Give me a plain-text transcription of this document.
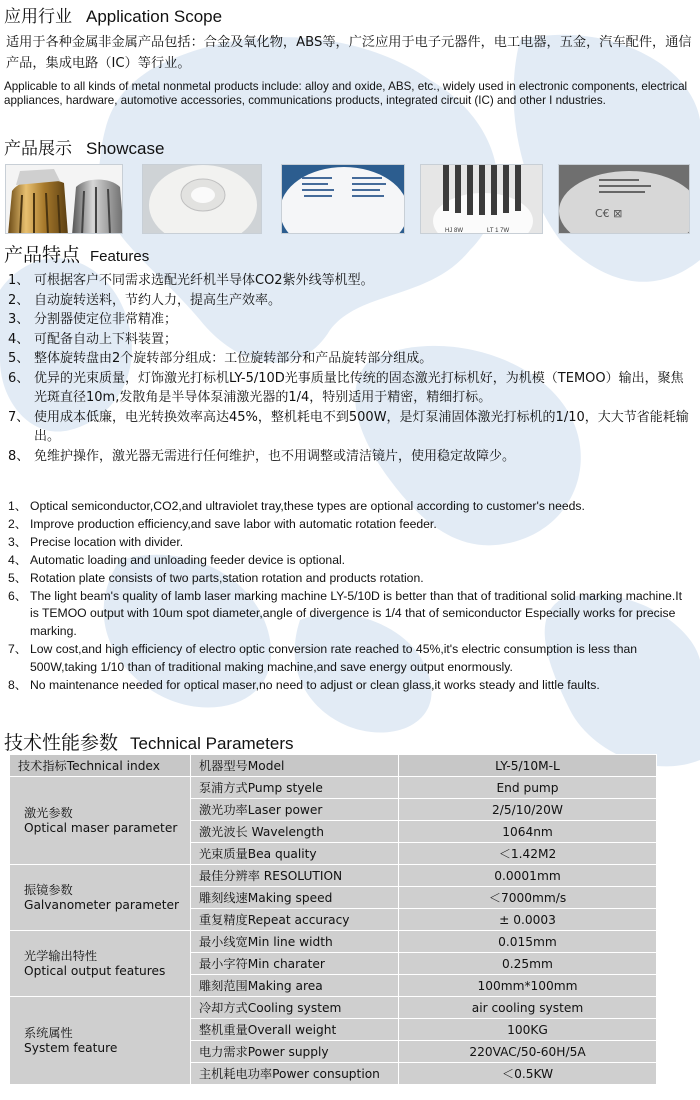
应用行业 Application Scope
适用于各种金属非金属产品包括：合金及氧化物，ABS等，广泛应用于电子元器件，电工电器，五金，汽车配件，通信产品，集成电路（IC）等行业。
Applicable to all kinds of metal nonmetal products include: alloy and oxide, ABS, etc., widely used in electronic components, electrical appliances, hardware, automotive accessories, communications products, integrated circuit (IC) and other I ndustries.
产品展示 Showcase
HJ 8W	LT 1 7W
C€ ⊠
产品特点 Features
1、 可根据客户不同需求选配光纤机半导体CO2紫外线等机型。
2、 自动旋转送料，节约人力，提高生产效率。
3、 分割器使定位非常精准；
4、 可配备自动上下料装置；
5、 整体旋转盘由2个旋转部分组成：工位旋转部分和产品旋转部分组成。
6、 优异的光束质量，灯饰激光打标机LY-5/10D光事质量比传统的固态激光打标机好，为机模（TEMOO）输出，聚焦光斑直径10m,发散角是半导体泵浦激光器的1/4，特别适用于精密，精细打标。
7、 使用成本低廉，电光转换效率高达45%，整机耗电不到500W，是灯泵浦固体激光打标机的1/10，大大节省能耗输出。
8、 免维护操作，激光器无需进行任何维护，也不用调整或清洁镜片，使用稳定故障少。
1、 Optical semiconductor,CO2,and ultraviolet tray,these types are optional according to customer's needs.
2、 Improve production efficiency,and save labor with automatic rotation feeder.
3、 Precise location with divider.
4、 Automatic loading and unloading feeder device is optional.
5、 Rotation plate consists of two parts,station rotation and products rotation.
6、 The light beam's quality of lamb laser marking machine LY-5/10D is better than that of traditional solid marking machine.It is TEMOO output with 10um spot diameter,angle of divergence is 1/4 that of semiconductor Especially works for precise marking.
7、 Low cost,and high efficiency of electro optic conversion rate reached to 45%,it's electric consumption is less than 500W,taking 1/10 than of traditional making machine,and save energy output enormously.
8、 No maintenance needed for optical maser,no need to adjust or clean glass,it works steady and little faults.
技术性能参数 Technical Parameters
技术指标Technical index	机器型号Model	LY-5/10M-L

激光参数
Optical maser parameter	泵浦方式Pump styele	End pump
	激光功率Laser power	2/5/10/20W
	激光波长 Wavelength	1064nm
	光束质量Bea quality	＜1.42M2

振镜参数
Galvanometer parameter	最佳分辨率 RESOLUTION	0.0001mm
	雕刻线速Making speed	＜7000mm/s
	重复精度Repeat accuracy	± 0.0003

光学输出特性
Optical output features	最小线宽Min line width	0.015mm
	最小字符Min charater	0.25mm
	雕刻范围Making area	100mm*100mm

系统属性
System feature	冷却方式Cooling system	air cooling system
	整机重量Overall weight	100KG
	电力需求Power supply	220VAC/50-60H/5A
	主机耗电功率Power consuption	＜0.5KW
